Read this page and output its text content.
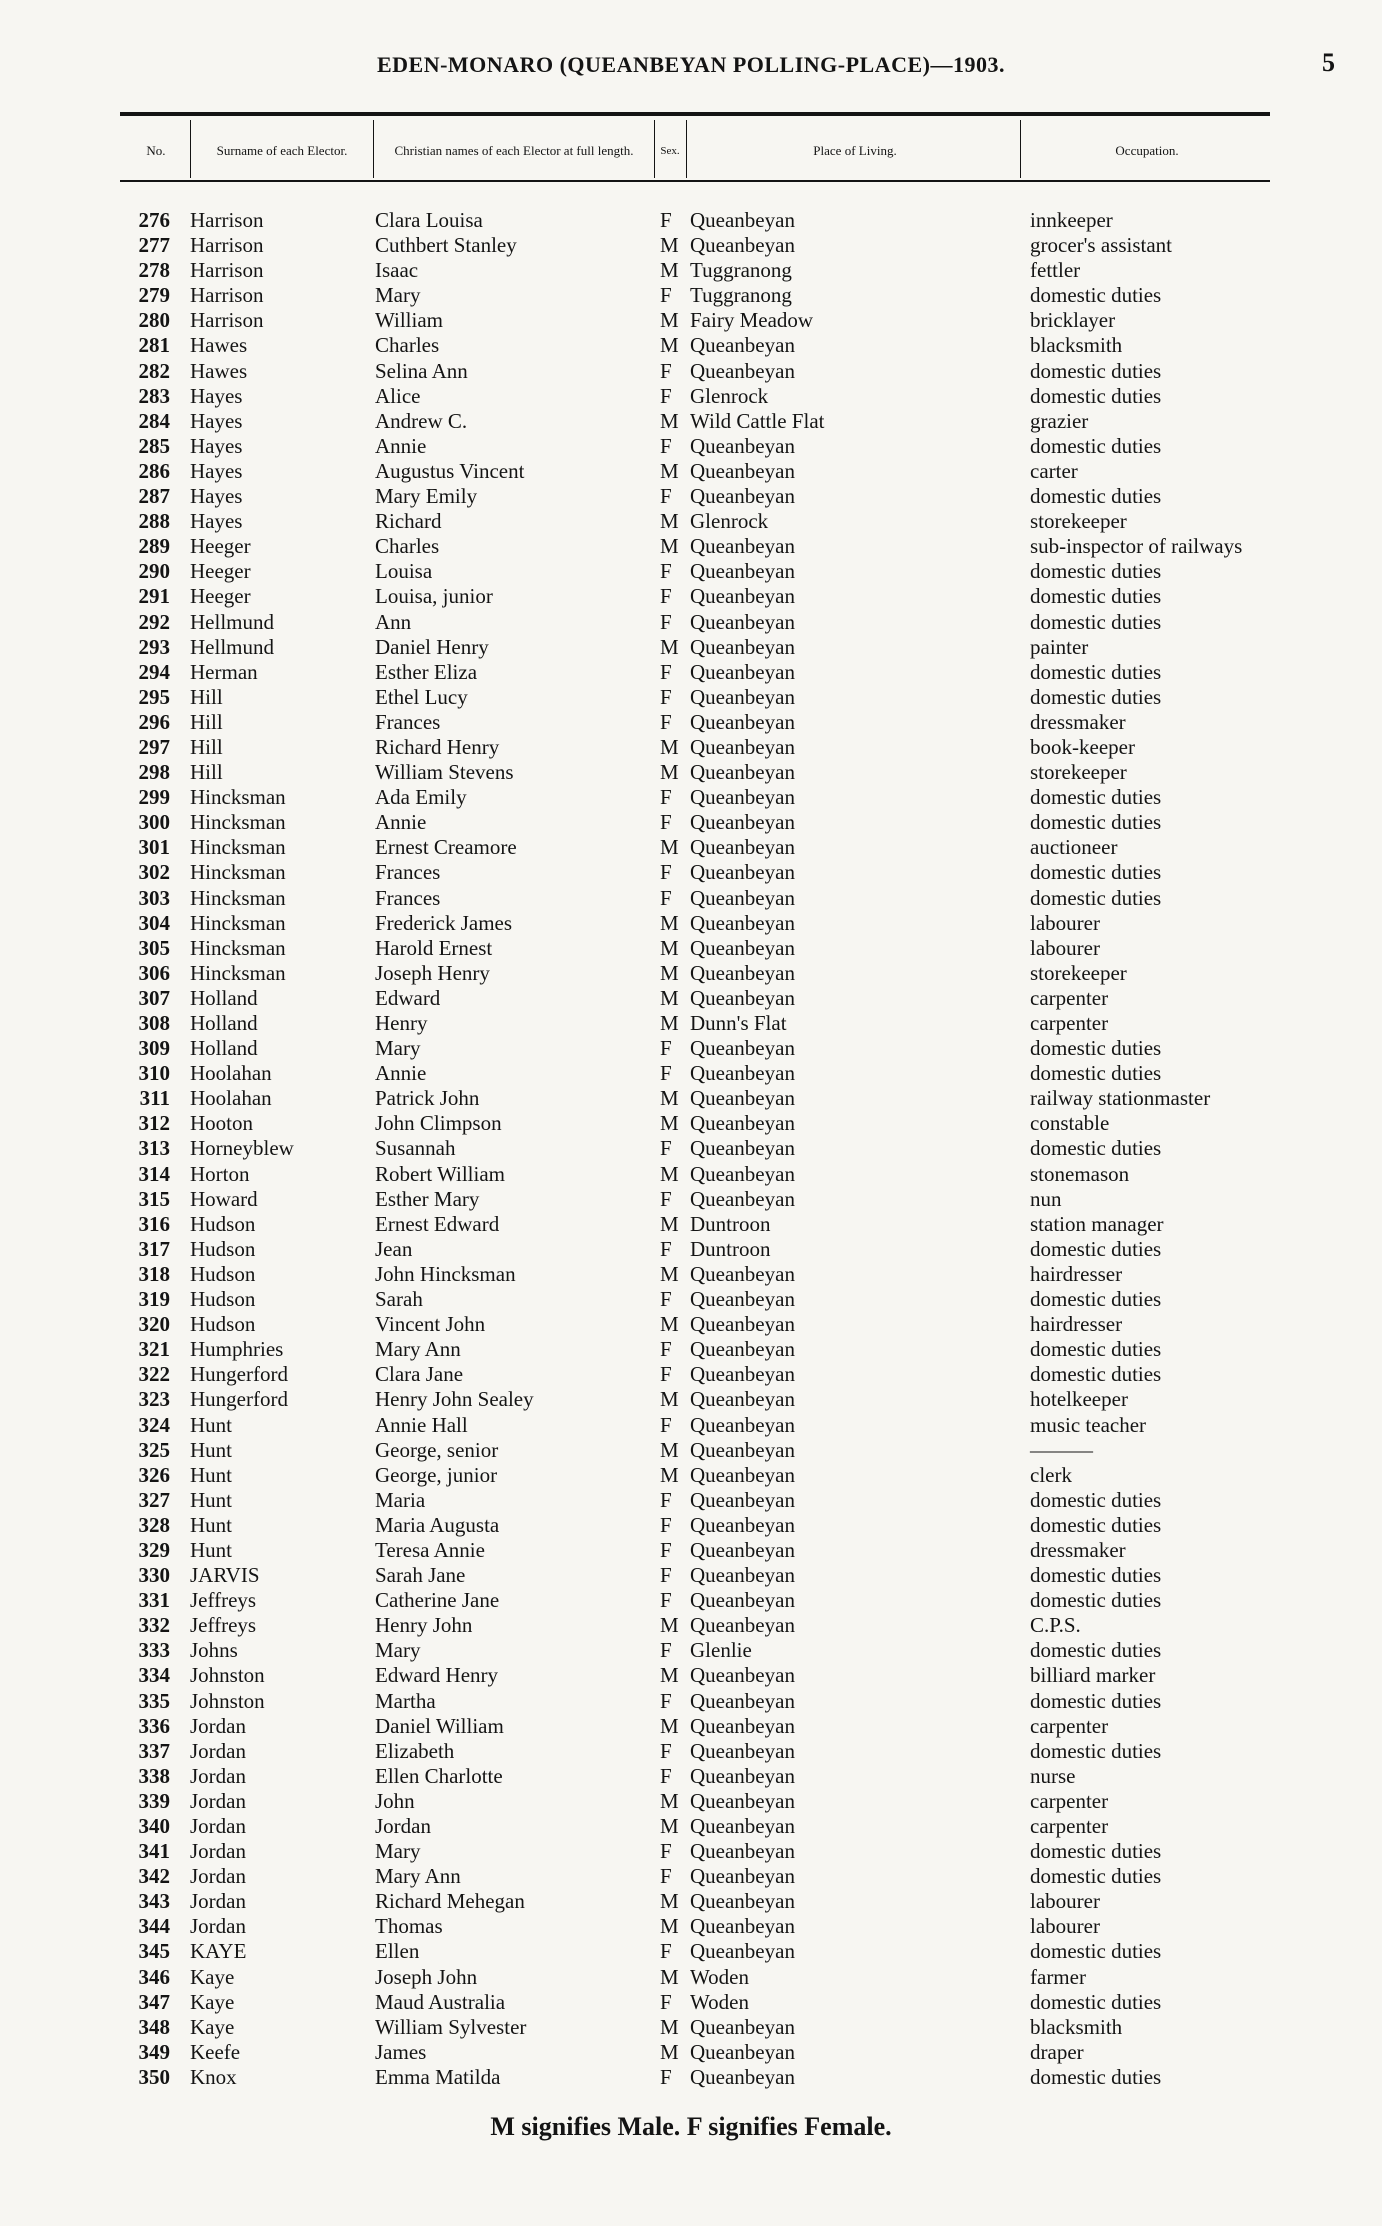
EDEN-MONARO (QUEANBEYAN POLLING-PLACE)—1903.	5
No.	Surname of each Elector.	Christian names of each Elector at full length.	Sex.	Place of Living.	Occupation.
276 Harrison	Clara Louisa	F Queanbeyan	innkeeper
277 Harrison	Cuthbert Stanley	M Queanbeyan	grocer's assistant
278 Harrison	Isaac	M Tuggranong	fettler
279 Harrison	Mary	F Tuggranong	domestic duties
280 Harrison	William	M Fairy Meadow	bricklayer
281 Hawes	Charles	M Queanbeyan	blacksmith
282 Hawes	Selina Ann	F Queanbeyan	domestic duties
283 Hayes	Alice	F Glenrock	domestic duties
284 Hayes	Andrew C.	M Wild Cattle Flat	grazier
285 Hayes	Annie	F Queanbeyan	domestic duties
286 Hayes	Augustus Vincent	M Queanbeyan	carter
287 Hayes	Mary Emily	F Queanbeyan	domestic duties
288 Hayes	Richard	M Glenrock	storekeeper
289 Heeger	Charles	M Queanbeyan	sub-inspector of railways
290 Heeger	Louisa	F Queanbeyan	domestic duties
291 Heeger	Louisa, junior	F Queanbeyan	domestic duties
292 Hellmund	Ann	F Queanbeyan	domestic duties
293 Hellmund	Daniel Henry	M Queanbeyan	painter
294 Herman	Esther Eliza	F Queanbeyan	domestic duties
295 Hill	Ethel Lucy	F Queanbeyan	domestic duties
296 Hill	Frances	F Queanbeyan	dressmaker
297 Hill	Richard Henry	M Queanbeyan	book-keeper
298 Hill	William Stevens	M Queanbeyan	storekeeper
299 Hincksman	Ada Emily	F Queanbeyan	domestic duties
300 Hincksman	Annie	F Queanbeyan	domestic duties
301 Hincksman	Ernest Creamore	M Queanbeyan	auctioneer
302 Hincksman	Frances	F Queanbeyan	domestic duties
303 Hincksman	Frances	F Queanbeyan	domestic duties
304 Hincksman	Frederick James	M Queanbeyan	labourer
305 Hincksman	Harold Ernest	M Queanbeyan	labourer
306 Hincksman	Joseph Henry	M Queanbeyan	storekeeper
307 Holland	Edward	M Queanbeyan	carpenter
308 Holland	Henry	M Dunn's Flat	carpenter
309 Holland	Mary	F Queanbeyan	domestic duties
310 Hoolahan	Annie	F Queanbeyan	domestic duties
311 Hoolahan	Patrick John	M Queanbeyan	railway stationmaster
312 Hooton	John Climpson	M Queanbeyan	constable
313 Horneyblew	Susannah	F Queanbeyan	domestic duties
314 Horton	Robert William	M Queanbeyan	stonemason
315 Howard	Esther Mary	F Queanbeyan	nun
316 Hudson	Ernest Edward	M Duntroon	station manager
317 Hudson	Jean	F Duntroon	domestic duties
318 Hudson	John Hincksman	M Queanbeyan	hairdresser
319 Hudson	Sarah	F Queanbeyan	domestic duties
320 Hudson	Vincent John	M Queanbeyan	hairdresser
321 Humphries	Mary Ann	F Queanbeyan	domestic duties
322 Hungerford	Clara Jane	F Queanbeyan	domestic duties
323 Hungerford	Henry John Sealey	M Queanbeyan	hotelkeeper
324 Hunt	Annie Hall	F Queanbeyan	music teacher
325 Hunt	George, senior	M Queanbeyan	———
326 Hunt	George, junior	M Queanbeyan	clerk
327 Hunt	Maria	F Queanbeyan	domestic duties
328 Hunt	Maria Augusta	F Queanbeyan	domestic duties
329 Hunt	Teresa Annie	F Queanbeyan	dressmaker
330 JARVIS	Sarah Jane	F Queanbeyan	domestic duties
331 Jeffreys	Catherine Jane	F Queanbeyan	domestic duties
332 Jeffreys	Henry John	M Queanbeyan	C.P.S.
333 Johns	Mary	F Glenlie	domestic duties
334 Johnston	Edward Henry	M Queanbeyan	billiard marker
335 Johnston	Martha	F Queanbeyan	domestic duties
336 Jordan	Daniel William	M Queanbeyan	carpenter
337 Jordan	Elizabeth	F Queanbeyan	domestic duties
338 Jordan	Ellen Charlotte	F Queanbeyan	nurse
339 Jordan	John	M Queanbeyan	carpenter
340 Jordan	Jordan	M Queanbeyan	carpenter
341 Jordan	Mary	F Queanbeyan	domestic duties
342 Jordan	Mary Ann	F Queanbeyan	domestic duties
343 Jordan	Richard Mehegan	M Queanbeyan	labourer
344 Jordan	Thomas	M Queanbeyan	labourer
345 KAYE	Ellen	F Queanbeyan	domestic duties
346 Kaye	Joseph John	M Woden	farmer
347 Kaye	Maud Australia	F Woden	domestic duties
348 Kaye	William Sylvester	M Queanbeyan	blacksmith
349 Keefe	James	M Queanbeyan	draper
350 Knox	Emma Matilda	F Queanbeyan	domestic duties
M signifies Male. F signifies Female.
